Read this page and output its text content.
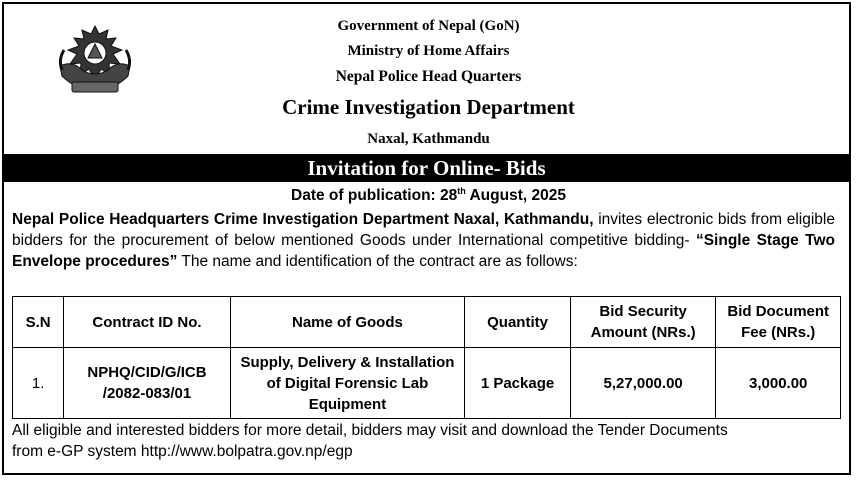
Government of Nepal (GoN)
Ministry of Home Affairs
Nepal Police Head Quarters
Crime Investigation Department
Naxal, Kathmandu
Invitation for Online- Bids
Date of publication: 28th August, 2025
Nepal Police Headquarters Crime Investigation Department Naxal, Kathmandu, invites electronic bids from eligible bidders for the procurement of below mentioned Goods under International competitive bidding- “Single Stage Two Envelope procedures” The name and identification of the contract are as follows:
S.N	Contract ID No.	Name of Goods	Quantity	Bid Security Amount (NRs.)	Bid Document Fee (NRs.)
1.	NPHQ/CID/G/ICB /2082-083/01	Supply, Delivery & Installation of Digital Forensic Lab Equipment	1 Package	5,27,000.00	3,000.00
All eligible and interested bidders for more detail, bidders may visit and download the Tender Documents
from e-GP system http://www.bolpatra.gov.np/egp
